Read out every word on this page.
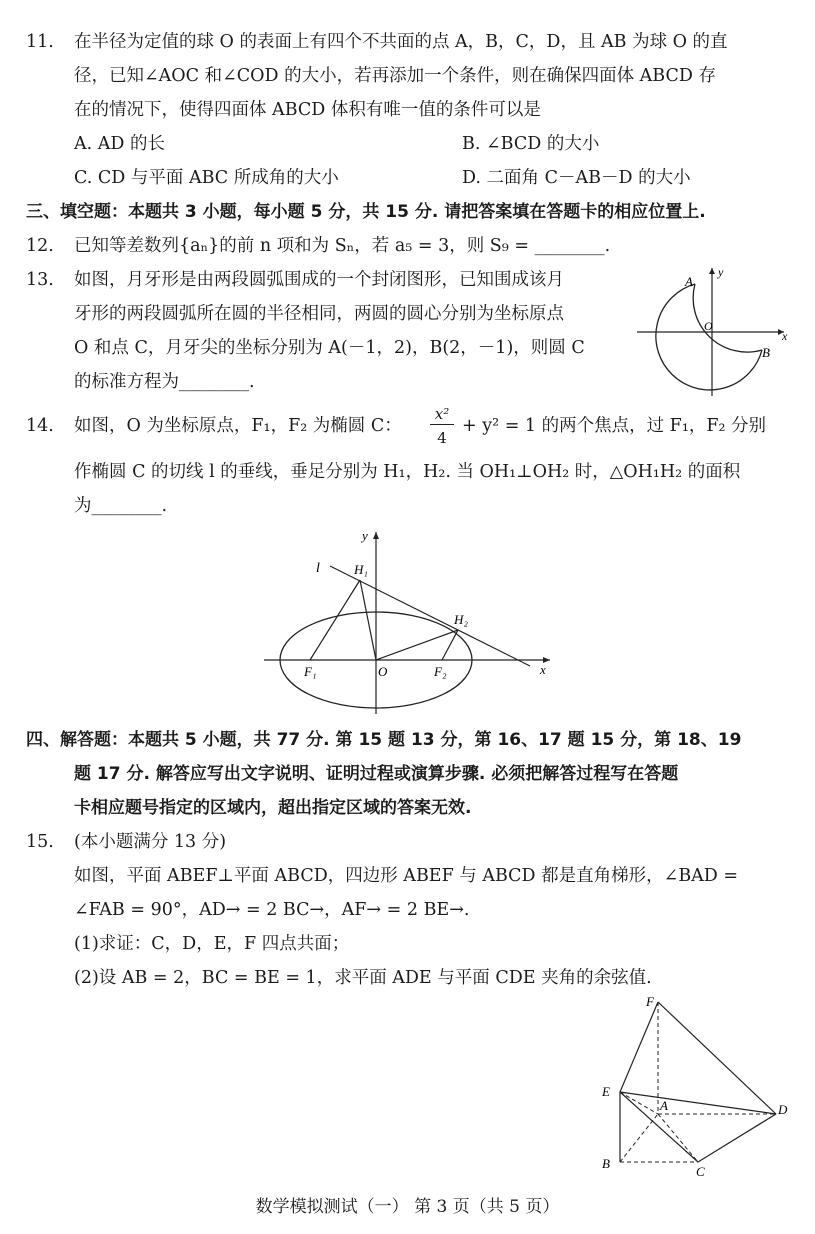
11. 在半径为定值的球 O 的表面上有四个不共面的点 A，B，C，D，且 AB 为球 O 的直
径，已知∠AOC 和∠COD 的大小，若再添加一个条件，则在确保四面体 ABCD 存
在的情况下，使得四面体 ABCD 体积有唯一值的条件可以是
A. AD 的长	B. ∠BCD 的大小
C. CD 与平面 ABC 所成角的大小	D. 二面角 C－AB－D 的大小
三、填空题：本题共 3 小题，每小题 5 分，共 15 分. 请把答案填在答题卡的相应位置上.
12. 已知等差数列{aₙ}的前 n 项和为 Sₙ，若 a₅ = 3，则 S₉ = ________.
13. 如图，月牙形是由两段圆弧围成的一个封闭图形，已知围成该月
牙形的两段圆弧所在圆的半径相同，两圆的圆心分别为坐标原点
O 和点 C，月牙尖的坐标分别为 A(－1，2)，B(2，－1)，则圆 C
的标准方程为________.
A
B
O
x
y
14. 如图，O 为坐标原点，F₁，F₂ 为椭圆 C：
x²
4
+ y² = 1 的两个焦点，过 F₁，F₂ 分别
作椭圆 C 的切线 l 的垂线，垂足分别为 H₁，H₂. 当 OH₁⊥OH₂ 时，△OH₁H₂ 的面积
为________.
l	H₁
H₂
F₁	F₂
O	x
y
四、解答题：本题共 5 小题，共 77 分. 第 15 题 13 分，第 16、17 题 15 分，第 18、19
题 17 分. 解答应写出文字说明、证明过程或演算步骤. 必须把解答过程写在答题
卡相应题号指定的区域内，超出指定区域的答案无效.
15. (本小题满分 13 分)
如图，平面 ABEF⊥平面 ABCD，四边形 ABEF 与 ABCD 都是直角梯形，∠BAD =
∠FAB = 90°，AD→ = 2 BC→，AF→ = 2 BE→.
(1)求证：C，D，E，F 四点共面；
(2)设 AB = 2，BC = BE = 1，求平面 ADE 与平面 CDE 夹角的余弦值.
F
E
A	D
B
C
数学模拟测试（一） 第 3 页（共 5 页）
